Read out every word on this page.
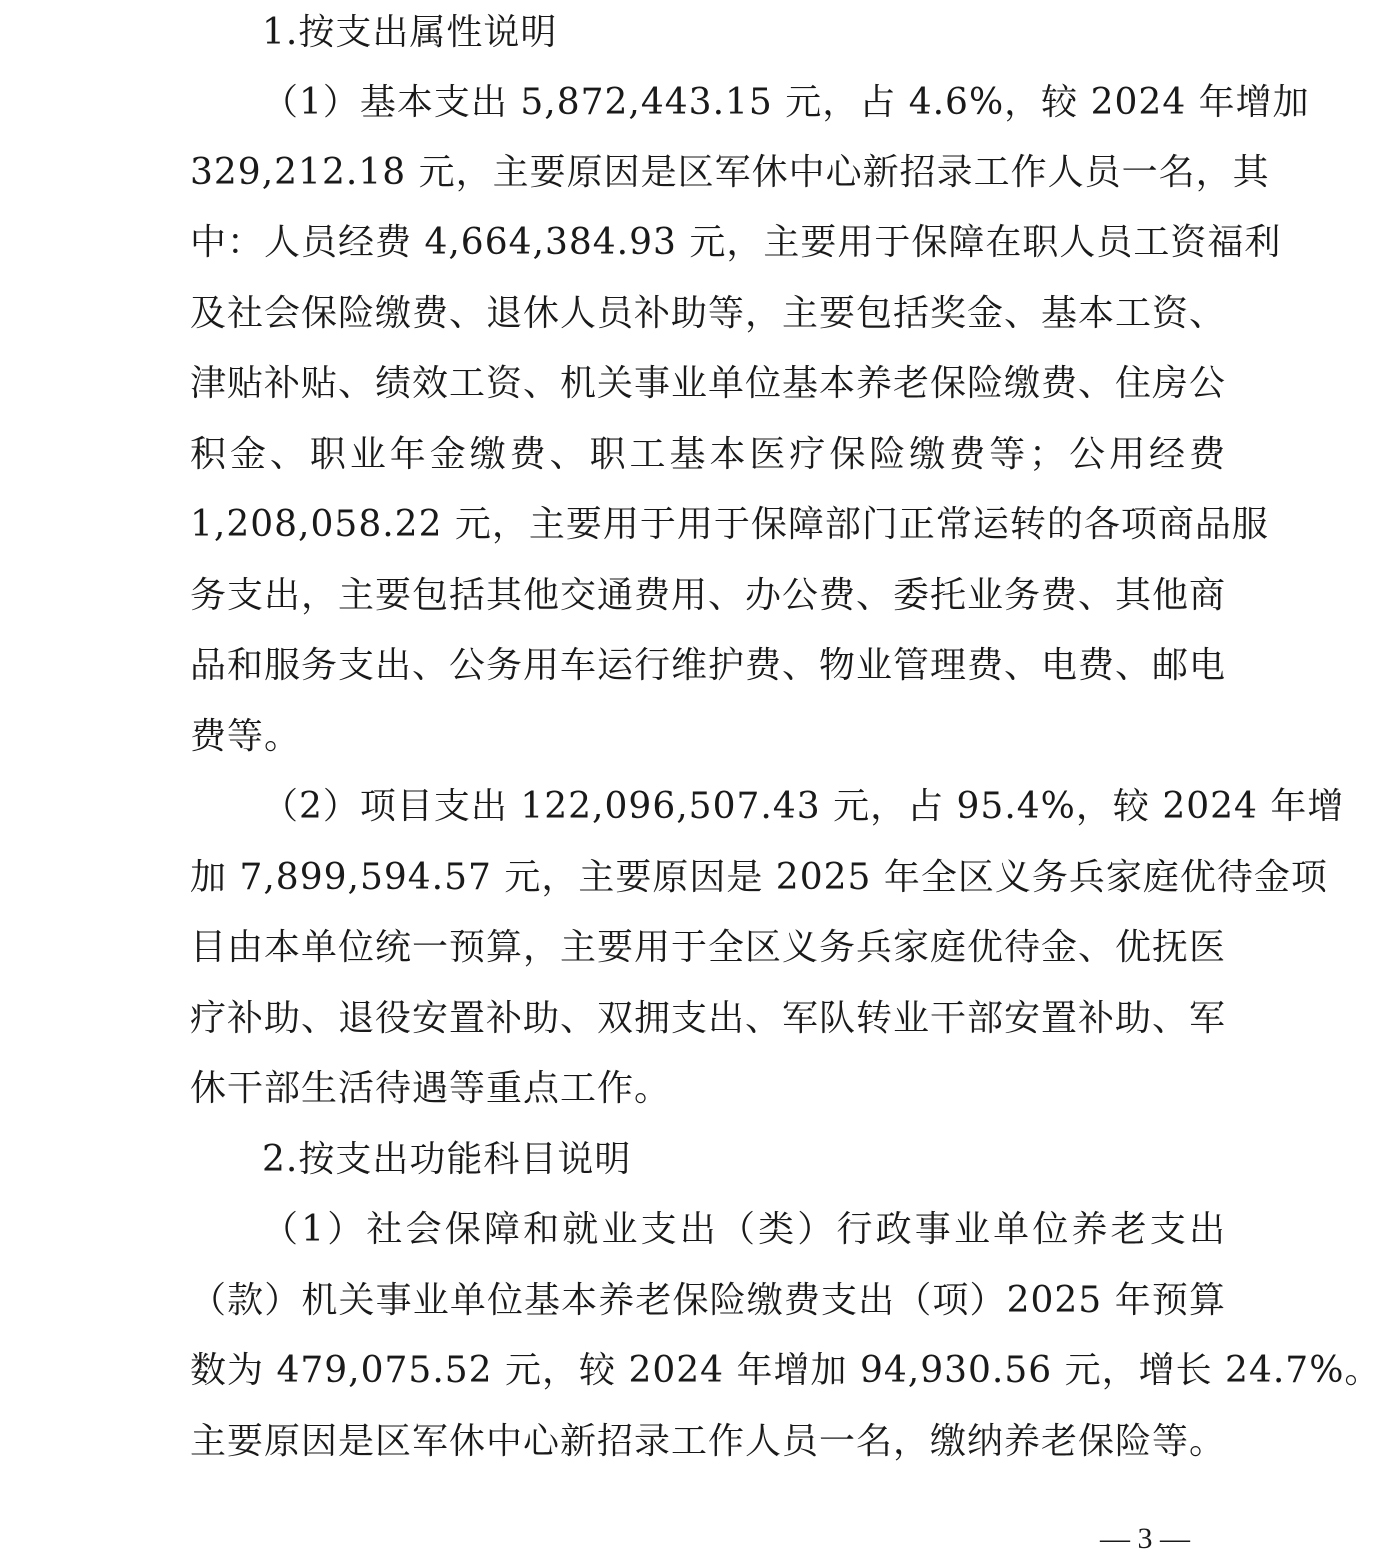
1.按支出属性说明
（1）基本支出 5,872,443.15 元，占 4.6%，较 2024 年增加
329,212.18 元，主要原因是区军休中心新招录工作人员一名，其
中：人员经费 4,664,384.93 元，主要用于保障在职人员工资福利
及社会保险缴费、退休人员补助等，主要包括奖金、基本工资、
津贴补贴、绩效工资、机关事业单位基本养老保险缴费、住房公
积金、职业年金缴费、职工基本医疗保险缴费等；公用经费
1,208,058.22 元，主要用于用于保障部门正常运转的各项商品服
务支出，主要包括其他交通费用、办公费、委托业务费、其他商
品和服务支出、公务用车运行维护费、物业管理费、电费、邮电
费等。
（2）项目支出 122,096,507.43 元，占 95.4%，较 2024 年增
加 7,899,594.57 元，主要原因是 2025 年全区义务兵家庭优待金项
目由本单位统一预算，主要用于全区义务兵家庭优待金、优抚医
疗补助、退役安置补助、双拥支出、军队转业干部安置补助、军
休干部生活待遇等重点工作。
2.按支出功能科目说明
（1）社会保障和就业支出（类）行政事业单位养老支出
（款）机关事业单位基本养老保险缴费支出（项）2025 年预算
数为 479,075.52 元，较 2024 年增加 94,930.56 元，增长 24.7%。
主要原因是区军休中心新招录工作人员一名，缴纳养老保险等。
— 3 —
